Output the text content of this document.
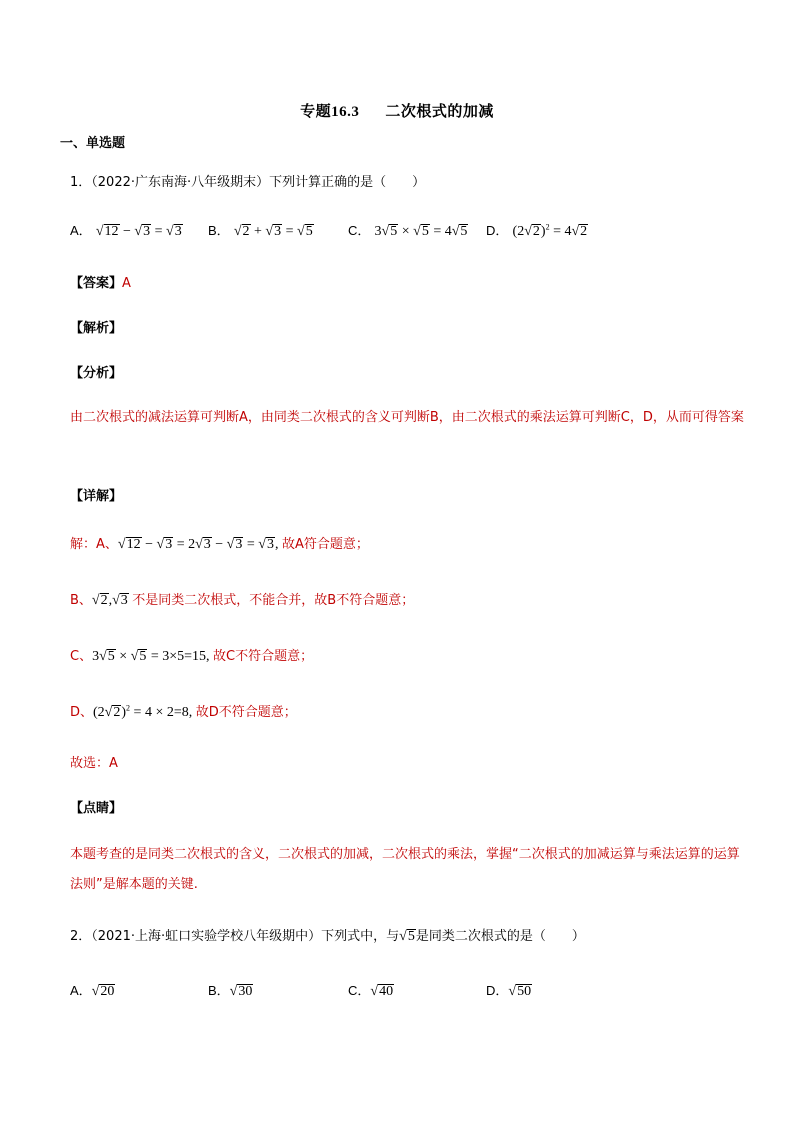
专题16.3 二次根式的加减
一、单选题
1．（2022·广东南海·八年级期末）下列计算正确的是（　　）
A． √12 − √3 = √3 B． √2 + √3 = √5	C． 3√5 × √5 = 4√5 D． $(2√2)^2 = 4√2$
【答案】A
【解析】
【分析】
由二次根式的减法运算可判断A，由同类二次根式的含义可判断B，由二次根式的乘法运算可判断C，D，从而可得答案
【详解】
解：A、√12 − √3 = 2√3 − √3 = √3, 故A符合题意；
B、√2,√3 不是同类二次根式，不能合并，故B不符合题意；
C、3√5 × √5 = 3×5=15, 故C不符合题意；
D、$(2√2)^2 = 4 \times 2=8$, 故D不符合题意；
故选：A
【点睛】
本题考查的是同类二次根式的含义，二次根式的加减，二次根式的乘法，掌握“二次根式的加减运算与乘法运算的运算法则”是解本题的关键.
2．（2021·上海·虹口实验学校八年级期中）下列式中，与√5是同类二次根式的是（　　）
A．√20	B．√30	C．√40	D．√50
